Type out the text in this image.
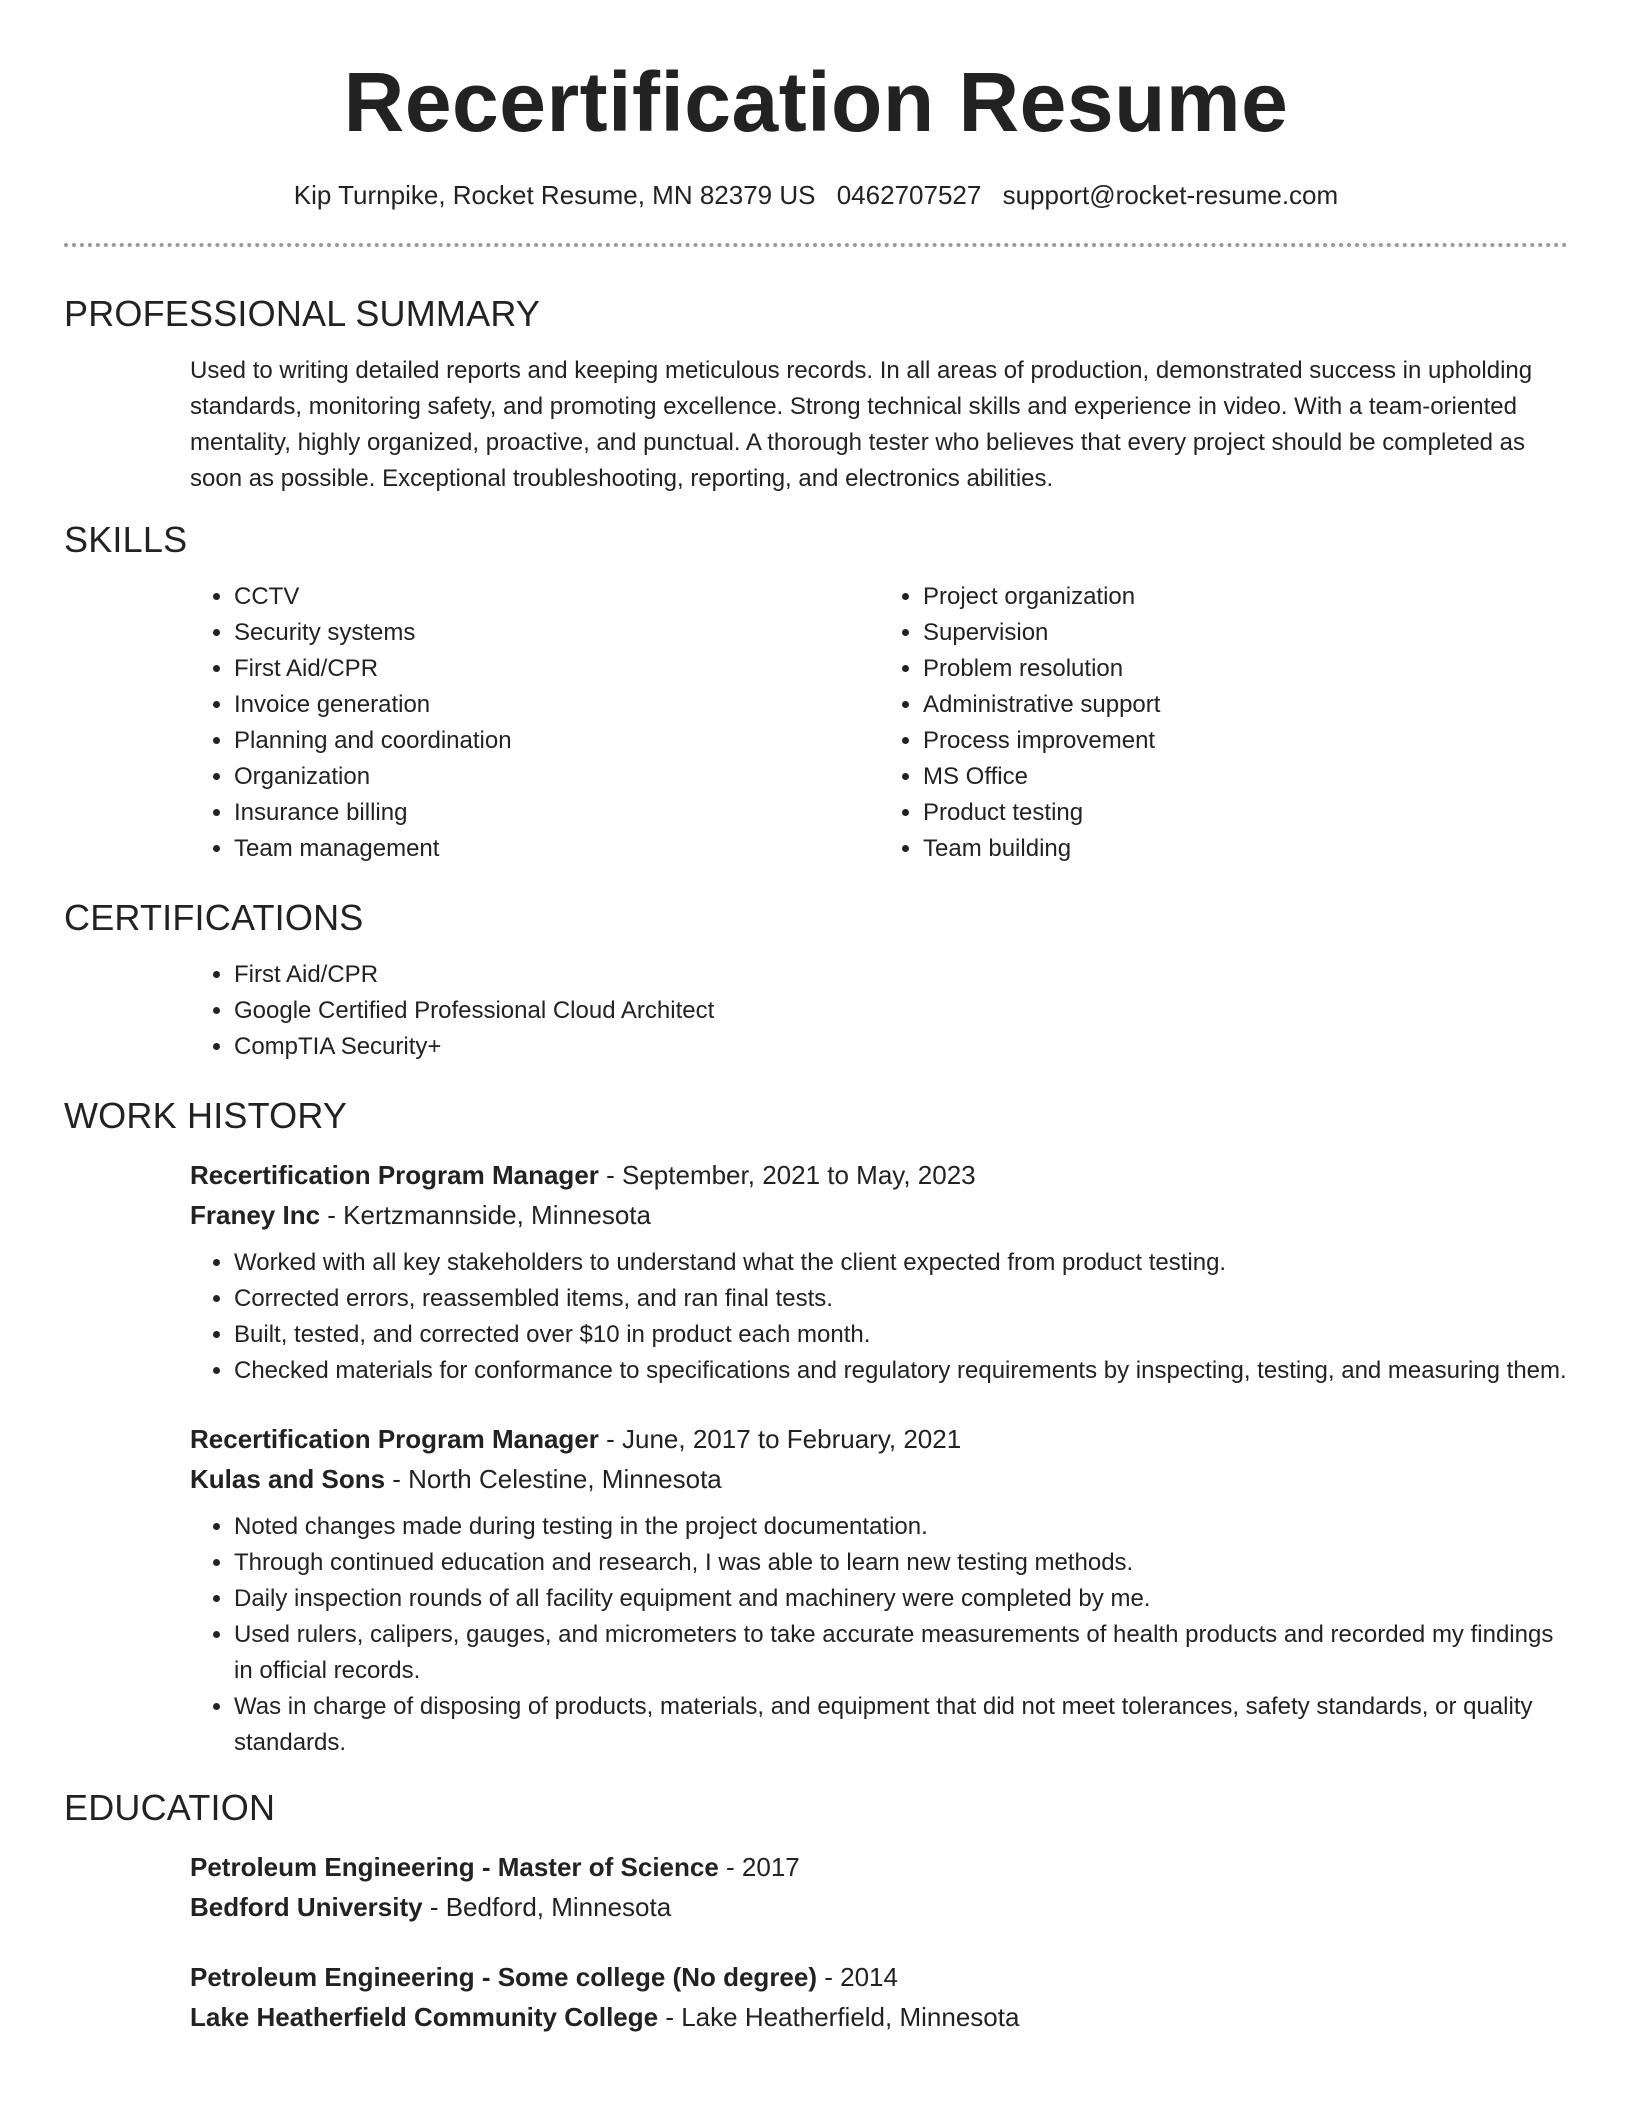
Recertification Resume
Kip Turnpike, Rocket Resume, MN 82379 US 0462707527 support@rocket-resume.com
PROFESSIONAL SUMMARY
Used to writing detailed reports and keeping meticulous records. In all areas of production, demonstrated success in upholding standards, monitoring safety, and promoting excellence. Strong technical skills and experience in video. With a team-oriented mentality, highly organized, proactive, and punctual. A thorough tester who believes that every project should be completed as soon as possible. Exceptional troubleshooting, reporting, and electronics abilities.
SKILLS
• CCTV
• Security systems
• First Aid/CPR
• Invoice generation
• Planning and coordination
• Organization
• Insurance billing
• Team management
• Project organization
• Supervision
• Problem resolution
• Administrative support
• Process improvement
• MS Office
• Product testing
• Team building
CERTIFICATIONS
• First Aid/CPR
• Google Certified Professional Cloud Architect
• CompTIA Security+
WORK HISTORY
Recertification Program Manager - September, 2021 to May, 2023
Franey Inc - Kertzmannside, Minnesota
• Worked with all key stakeholders to understand what the client expected from product testing.
• Corrected errors, reassembled items, and ran final tests.
• Built, tested, and corrected over $10 in product each month.
• Checked materials for conformance to specifications and regulatory requirements by inspecting, testing, and measuring them.
Recertification Program Manager - June, 2017 to February, 2021
Kulas and Sons - North Celestine, Minnesota
• Noted changes made during testing in the project documentation.
• Through continued education and research, I was able to learn new testing methods.
• Daily inspection rounds of all facility equipment and machinery were completed by me.
• Used rulers, calipers, gauges, and micrometers to take accurate measurements of health products and recorded my findings in official records.
• Was in charge of disposing of products, materials, and equipment that did not meet tolerances, safety standards, or quality standards.
EDUCATION
Petroleum Engineering - Master of Science - 2017
Bedford University - Bedford, Minnesota
Petroleum Engineering - Some college (No degree) - 2014
Lake Heatherfield Community College - Lake Heatherfield, Minnesota
